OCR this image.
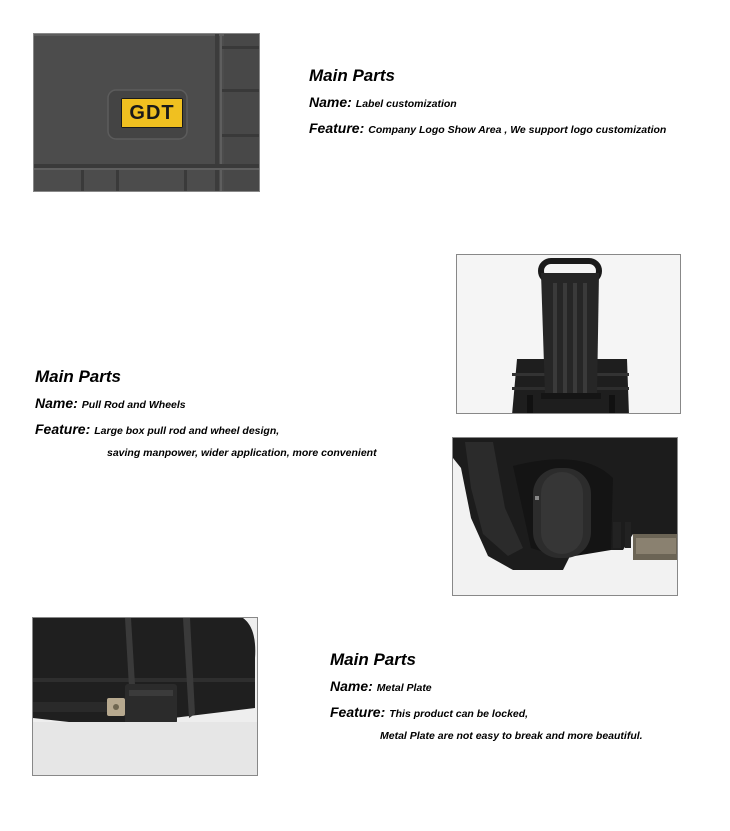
GDT
Main Parts
Name: Label customization
Feature: Company Logo Show Area , We support logo customization
Main Parts
Name: Pull Rod and Wheels
Feature: Large box pull rod and wheel design,
saving manpower, wider application, more convenient
Main Parts
Name: Metal Plate
Feature: This product can be locked,
Metal Plate are not easy to break and more beautiful.
